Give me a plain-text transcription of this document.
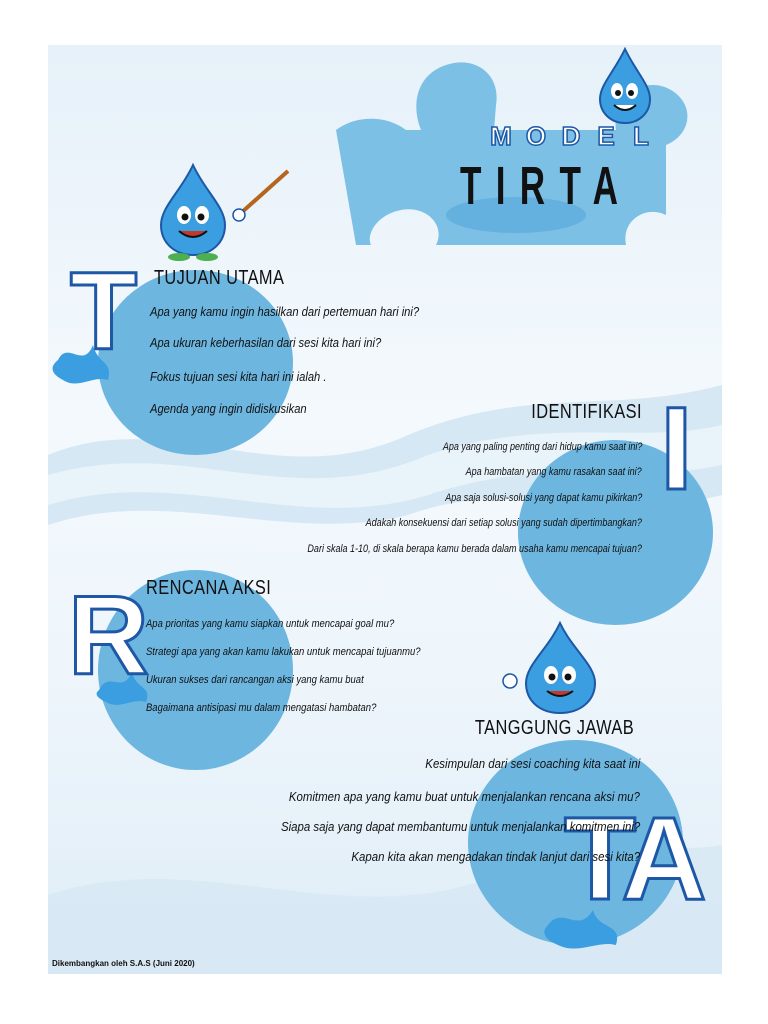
M O D E L
TIRTA
T TUJUAN UTAMA
Apa yang kamu ingin hasilkan dari pertemuan hari ini?
Apa ukuran keberhasilan dari sesi kita hari ini?
Fokus tujuan sesi kita hari ini ialah .
Agenda yang ingin didiskusikan	I
IDENTIFIKASI
Apa yang paling penting dari hidup kamu saat ini?
Apa hambatan yang kamu rasakan saat ini?
Apa saja solusi-solusi yang dapat kamu pikirkan?
Adakah konsekuensi dari setiap solusi yang sudah dipertimbangkan?
Dari skala 1-10, di skala berapa kamu berada dalam usaha kamu mencapai tujuan?
R
RENCANA AKSI
Apa prioritas yang kamu siapkan untuk mencapai goal mu?
Strategi apa yang akan kamu lakukan untuk mencapai tujuanmu?
Ukuran sukses dari rancangan aksi yang kamu buat
Bagaimana antisipasi mu dalam mengatasi hambatan?
TA
TANGGUNG JAWAB
Kesimpulan dari sesi coaching kita saat ini
Komitmen apa yang kamu buat untuk menjalankan rencana aksi mu?
Siapa saja yang dapat membantumu untuk menjalankan komitmen ini?
Kapan kita akan mengadakan tindak lanjut dari sesi kita?
Dikembangkan oleh S.A.S (Juni 2020)
